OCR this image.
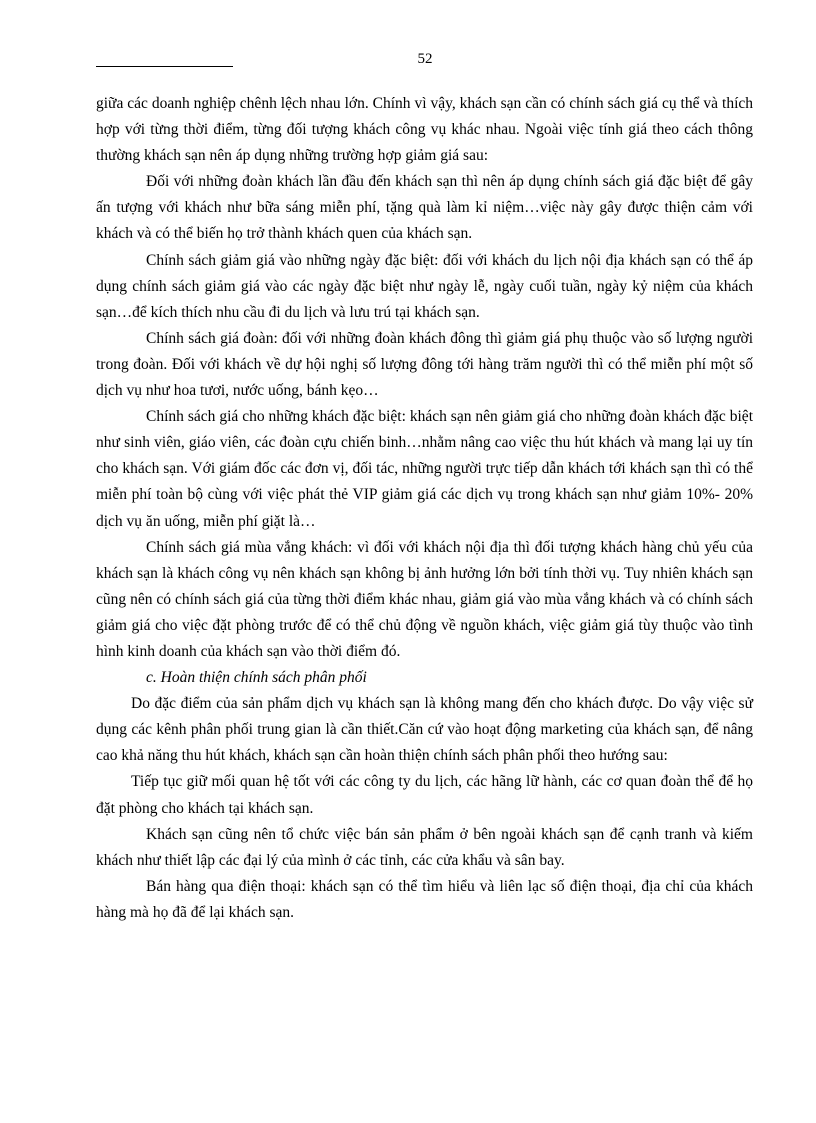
52

giữa các doanh nghiệp chênh lệch nhau lớn. Chính vì vậy, khách sạn cần có chính sách giá cụ thể và thích hợp với từng thời điểm, từng đối tượng khách công vụ khác nhau. Ngoài việc tính giá theo cách thông thường khách sạn nên áp dụng những trường hợp giảm giá sau:

Đối với những đoàn khách lần đầu đến khách sạn thì nên áp dụng chính sách giá đặc biệt để gây ấn tượng với khách như bữa sáng miễn phí, tặng quà làm kỉ niệm…việc này gây được thiện cảm với khách và có thể biến họ trở thành khách quen của khách sạn.

Chính sách giảm giá vào những ngày đặc biệt: đối với khách du lịch nội địa khách sạn có thể áp dụng chính sách giảm giá vào các ngày đặc biệt như ngày lễ, ngày cuối tuần, ngày kỷ niệm của khách sạn…để kích thích nhu cầu đi du lịch và lưu trú tại khách sạn.

Chính sách giá đoàn: đối với những đoàn khách đông thì giảm giá phụ thuộc vào số lượng người trong đoàn. Đối với khách về dự hội nghị số lượng đông tới hàng trăm người thì có thể miễn phí một số dịch vụ như hoa tươi, nước uống, bánh kẹo…

Chính sách giá cho những khách đặc biệt: khách sạn nên giảm giá cho những đoàn khách đặc biệt như sinh viên, giáo viên, các đoàn cựu chiến binh…nhằm nâng cao việc thu hút khách và mang lại uy tín cho khách sạn. Với giám đốc các đơn vị, đối tác, những người trực tiếp dẫn khách tới khách sạn thì có thể miễn phí toàn bộ cùng với việc phát thẻ VIP giảm giá các dịch vụ trong khách sạn như giảm 10%- 20% dịch vụ ăn uống, miễn phí giặt là…

Chính sách giá mùa vắng khách: vì đối với khách nội địa thì đối tượng khách hàng chủ yếu của khách sạn là khách công vụ nên khách sạn không bị ảnh hưởng lớn bởi tính thời vụ. Tuy nhiên khách sạn cũng nên có chính sách giá của từng thời điểm khác nhau, giảm giá vào mùa vắng khách và có chính sách giảm giá cho việc đặt phòng trước để có thể chủ động về nguồn khách, việc giảm giá tùy thuộc vào tình hình kinh doanh của khách sạn vào thời điểm đó.

c. Hoàn thiện chính sách phân phối

Do đặc điểm của sản phẩm dịch vụ khách sạn là không mang đến cho khách được. Do vậy việc sử dụng các kênh phân phối trung gian là cần thiết.Căn cứ vào hoạt động marketing của khách sạn, để nâng cao khả năng thu hút khách, khách sạn cần hoàn thiện chính sách phân phối theo hướng sau:

Tiếp tục giữ mối quan hệ tốt với các công ty du lịch, các hãng lữ hành, các cơ quan đoàn thể để họ đặt phòng cho khách tại khách sạn.

Khách sạn cũng nên tổ chức việc bán sản phẩm ở bên ngoài khách sạn để cạnh tranh và kiếm khách như thiết lập các đại lý của mình ở các tỉnh, các cửa khẩu và sân bay.

Bán hàng qua điện thoại: khách sạn có thể tìm hiểu và liên lạc số điện thoại, địa chỉ của khách hàng mà họ đã để lại khách sạn.
